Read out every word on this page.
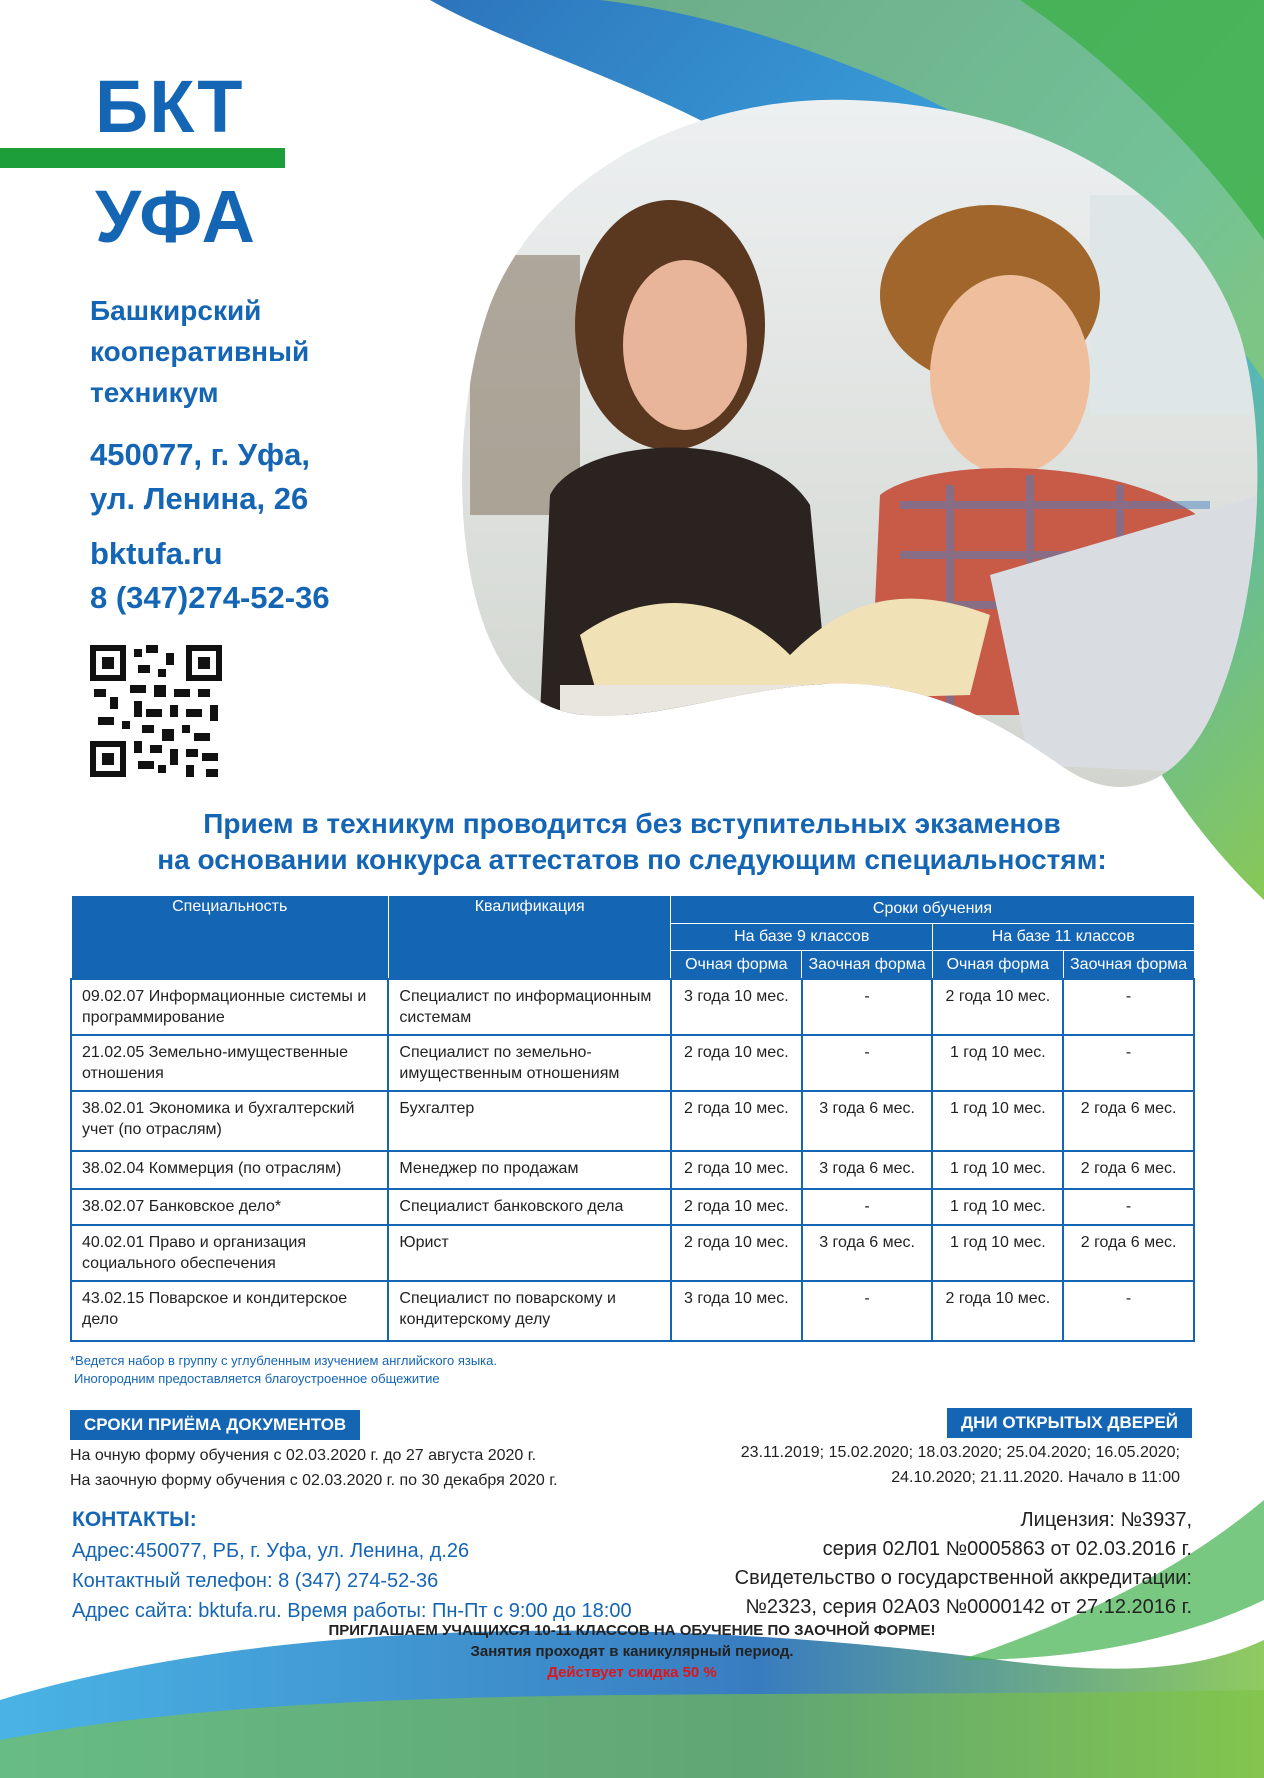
БКТ
УФА
Башкирский
кооперативный
техникум
450077, г. Уфа,
ул. Ленина, 26
bktufa.ru
8 (347)274-52-36
Прием в техникум проводится без вступительных экзаменов
на основании конкурса аттестатов по следующим специальностям:
Специальность	Квалификация	Сроки обучения			
		На базе 9 классов		На базе 11 классов	
		Очная форма	Заочная форма	Очная форма	Заочная форма
09.02.07 Информационные системы и программирование	Специалист по информационным системам	3 года 10 мес.	-	2 года 10 мес.	-
21.02.05 Земельно-имущественные отношения	Специалист по земельно-имущественным отношениям	2 года 10 мес.	-	1 год 10 мес.	-
38.02.01 Экономика и бухгалтерский учет (по отраслям)	Бухгалтер	2 года 10 мес.	3 года 6 мес.	1 год 10 мес.	2 года 6 мес.
38.02.04 Коммерция (по отраслям)	Менеджер по продажам	2 года 10 мес.	3 года 6 мес.	1 год 10 мес.	2 года 6 мес.
38.02.07 Банковское дело*	Специалист банковского дела	2 года 10 мес.	-	1 год 10 мес.	-
40.02.01 Право и организация социального обеспечения	Юрист	2 года 10 мес.	3 года 6 мес.	1 год 10 мес.	2 года 6 мес.
43.02.15 Поварское и кондитерское дело	Специалист по поварскому и кондитерскому делу	3 года 10 мес.	-	2 года 10 мес.	-
*Ведется набор в группу с углубленным изучением английского языка.
Иногородним предоставляется благоустроенное общежитие
СРОКИ ПРИЁМА ДОКУМЕНТОВ	ДНИ ОТКРЫТЫХ ДВЕРЕЙ
На очную форму обучения с 02.03.2020 г. до 27 августа 2020 г.
На заочную форму обучения с 02.03.2020 г. по 30 декабря 2020 г.
23.11.2019; 15.02.2020; 18.03.2020; 25.04.2020; 16.05.2020;
24.10.2020; 21.11.2020. Начало в 11:00
КОНТАКТЫ:
Адрес:450077, РБ, г. Уфа, ул. Ленина, д.26
Контактный телефон: 8 (347) 274-52-36
Адрес сайта: bktufa.ru. Время работы: Пн-Пт с 9:00 до 18:00
Лицензия: №3937,
серия 02Л01 №0005863 от 02.03.2016 г.
Свидетельство о государственной аккредитации:
№2323, серия 02А03 №0000142 от 27.12.2016 г.
ПРИГЛАШАЕМ УЧАЩИХСЯ 10-11 КЛАССОВ НА ОБУЧЕНИЕ ПО ЗАОЧНОЙ ФОРМЕ!
Занятия проходят в каникулярный период.
Действует скидка 50 %
